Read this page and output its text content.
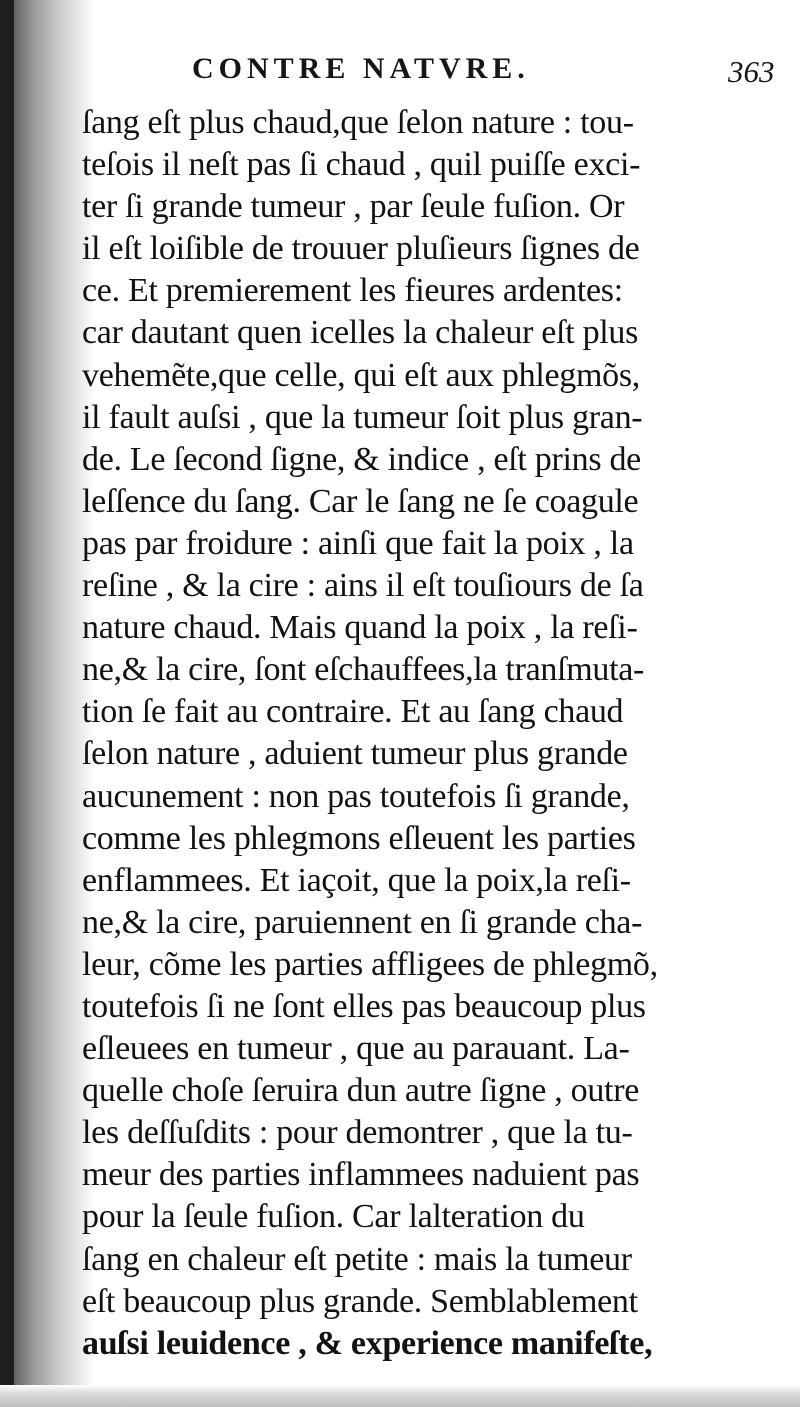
CONTRE NATVRE.	363
ſang eſt plus chaud,que ſelon nature : tou-
teſois il neſt pas ſi chaud , quil puiſſe exci-
ter ſi grande tumeur , par ſeule fuſion. Or
il eſt loiſible de trouuer pluſieurs ſignes de
ce. Et premierement les fieures ardentes:
car dautant quen icelles la chaleur eſt plus
vehemẽte,que celle, qui eſt aux phlegmõs,
il fault auſsi , que la tumeur ſoit plus gran-
de. Le ſecond ſigne, & indice , eſt prins de
leſſence du ſang. Car le ſang ne ſe coagule
pas par froidure : ainſi que fait la poix , la
reſine , & la cire : ains il eſt touſiours de ſa
nature chaud. Mais quand la poix , la reſi-
ne,& la cire, ſont eſchauffees,la tranſmuta-
tion ſe fait au contraire. Et au ſang chaud
ſelon nature , aduient tumeur plus grande
aucunement : non pas toutefois ſi grande,
comme les phlegmons eſleuent les parties
enflammees. Et iaçoit, que la poix,la reſi-
ne,& la cire, paruiennent en ſi grande cha-
leur, cõme les parties affligees de phlegmõ,
toutefois ſi ne ſont elles pas beaucoup plus
eſleuees en tumeur , que au parauant. La-
quelle choſe ſeruira dun autre ſigne , outre
les deſſuſdits : pour demontrer , que la tu-
meur des parties inflammees naduient pas
pour la ſeule fuſion. Car lalteration du
ſang en chaleur eſt petite : mais la tumeur
eſt beaucoup plus grande. Semblablement
auſsi leuidence , & experience manifeſte,
